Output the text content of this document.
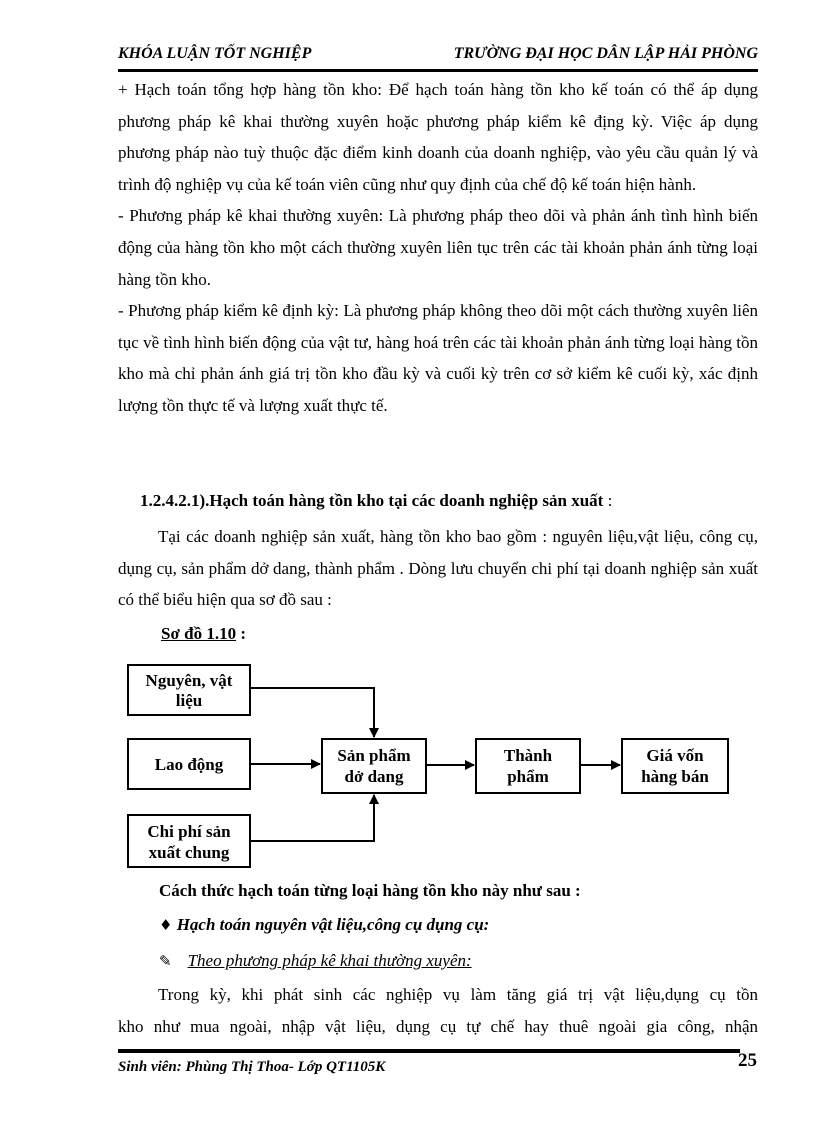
KHÓA LUẬN TỐT NGHIỆP	TRƯỜNG ĐẠI HỌC DÂN LẬP HẢI PHÒNG

+ Hạch toán tổng hợp hàng tồn kho: Để hạch toán hàng tồn kho kế toán có thể áp dụng phương pháp kê khai thường xuyên hoặc phương pháp kiểm kê địng kỳ. Việc áp dụng phương pháp nào tuỳ thuộc đặc điểm kinh doanh của doanh nghiệp, vào yêu cầu quản lý và trình độ nghiệp vụ của kế toán viên cũng như quy định của chế độ kế toán hiện hành.

- Phương pháp kê khai thường xuyên: Là phương pháp theo dõi và phản ánh tình hình biến động của hàng tồn kho một cách thường xuyên liên tục trên các tài khoản phản ánh từng loại hàng tồn kho.

- Phương pháp kiểm kê định kỳ: Là phương pháp không theo dõi một cách thường xuyên liên tục về tình hình biến động của vật tư, hàng hoá trên các tài khoản phản ánh từng loại hàng tồn kho mà chỉ phản ánh giá trị tồn kho đầu kỳ và cuối kỳ trên cơ sở kiểm kê cuối kỳ, xác định lượng tồn thực tế và lượng xuất thực tế.

1.2.4.2.1).Hạch toán hàng tồn kho tại các doanh nghiệp sản xuất :

Tại các doanh nghiệp sản xuất, hàng tồn kho bao gồm : nguyên liệu,vật liệu, công cụ, dụng cụ, sản phẩm dở dang, thành phẩm . Dòng lưu chuyển chi phí tại doanh nghiệp sản xuất có thể biểu hiện qua sơ đồ sau :

Sơ đồ 1.10 :
Nguyên, vật
liệu
Lao động
Chi phí sản
xuất chung
Sản phẩm
dở dang
Thành
phẩm
Giá vốn
hàng bán
Cách thức hạch toán từng loại hàng tồn kho này như sau :
♦ Hạch toán nguyên vật liệu,công cụ dụng cụ:
✎ Theo phương pháp kê khai thường xuyên:

Trong kỳ, khi phát sinh các nghiệp vụ làm tăng giá trị vật liệu,dụng cụ tồn

kho như mua ngoài, nhập vật liệu, dụng cụ tự chế hay thuê ngoài gia công, nhận

Sinh viên: Phùng Thị Thoa- Lớp QT1105K	25
